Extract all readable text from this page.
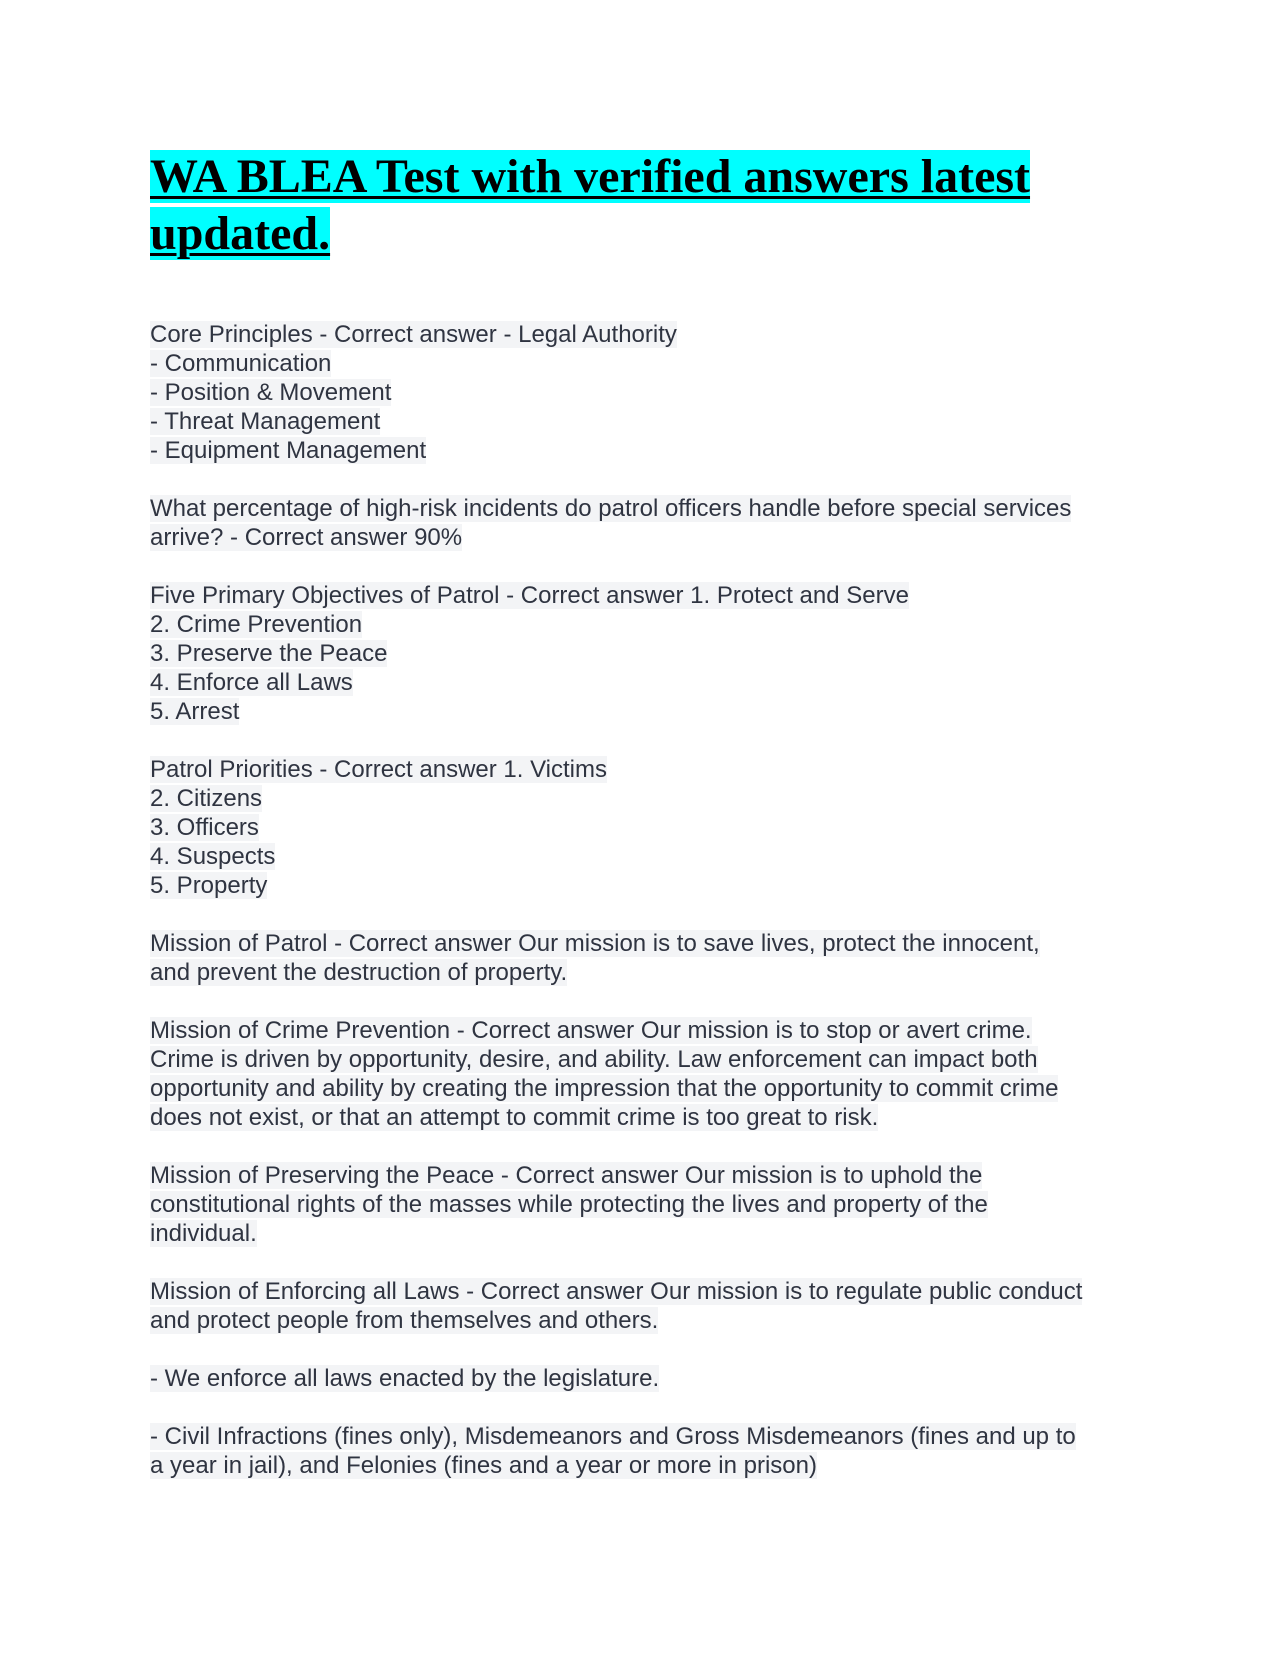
WA BLEA Test with verified answers latest
updated.
Core Principles - Correct answer - Legal Authority
- Communication
- Position & Movement
- Threat Management
- Equipment Management
What percentage of high-risk incidents do patrol officers handle before special services
arrive? - Correct answer 90%
Five Primary Objectives of Patrol - Correct answer 1. Protect and Serve
2. Crime Prevention
3. Preserve the Peace
4. Enforce all Laws
5. Arrest
Patrol Priorities - Correct answer 1. Victims
2. Citizens
3. Officers
4. Suspects
5. Property
Mission of Patrol - Correct answer Our mission is to save lives, protect the innocent,
and prevent the destruction of property.
Mission of Crime Prevention - Correct answer Our mission is to stop or avert crime.
Crime is driven by opportunity, desire, and ability. Law enforcement can impact both
opportunity and ability by creating the impression that the opportunity to commit crime
does not exist, or that an attempt to commit crime is too great to risk.
Mission of Preserving the Peace - Correct answer Our mission is to uphold the
constitutional rights of the masses while protecting the lives and property of the
individual.
Mission of Enforcing all Laws - Correct answer Our mission is to regulate public conduct
and protect people from themselves and others.
- We enforce all laws enacted by the legislature.
- Civil Infractions (fines only), Misdemeanors and Gross Misdemeanors (fines and up to
a year in jail), and Felonies (fines and a year or more in prison)
